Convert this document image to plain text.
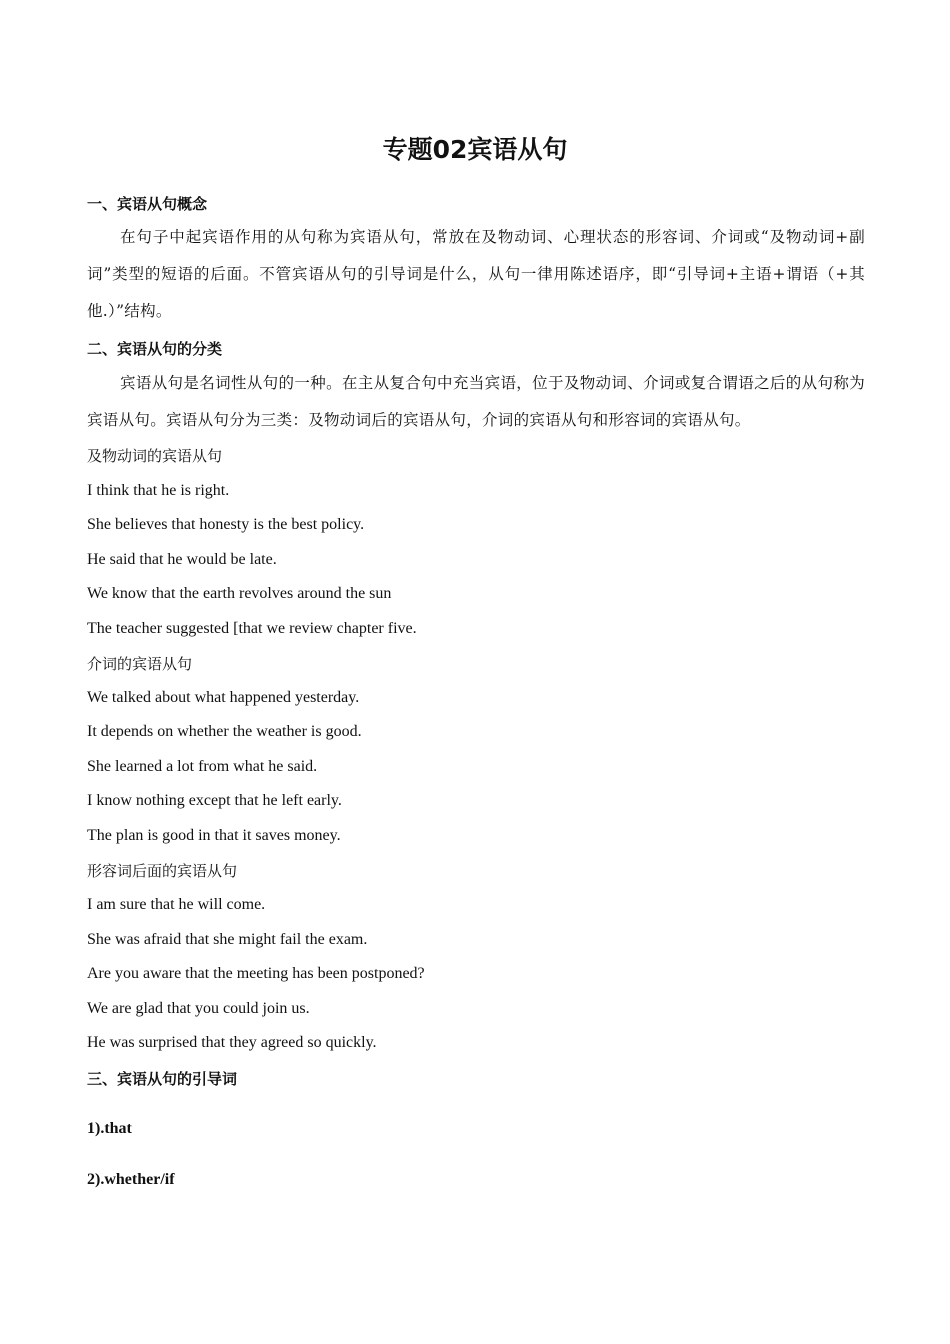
专题02宾语从句
一、宾语从句概念
在句子中起宾语作用的从句称为宾语从句，常放在及物动词、心理状态的形容词、介词或“及物动词+副词”类型的短语的后面。不管宾语从句的引导词是什么，从句一律用陈述语序，即“引导词+主语+谓语（+其他.）”结构。
二、宾语从句的分类
宾语从句是名词性从句的一种。在主从复合句中充当宾语，位于及物动词、介词或复合谓语之后的从句称为宾语从句。宾语从句分为三类：及物动词后的宾语从句，介词的宾语从句和形容词的宾语从句。
及物动词的宾语从句
I think that he is right.
She believes that honesty is the best policy.
He said that he would be late.
We know that the earth revolves around the sun
The teacher suggested [that we review chapter five.
介词的宾语从句
We talked about what happened yesterday.
It depends on whether the weather is good.
She learned a lot from what he said.
I know nothing except that he left early.
The plan is good in that it saves money.
形容词后面的宾语从句
I am sure that he will come.
She was afraid that she might fail the exam.
Are you aware that the meeting has been postponed?
We are glad that you could join us.
He was surprised that they agreed so quickly.
三、宾语从句的引导词
1).that
2).whether/if
